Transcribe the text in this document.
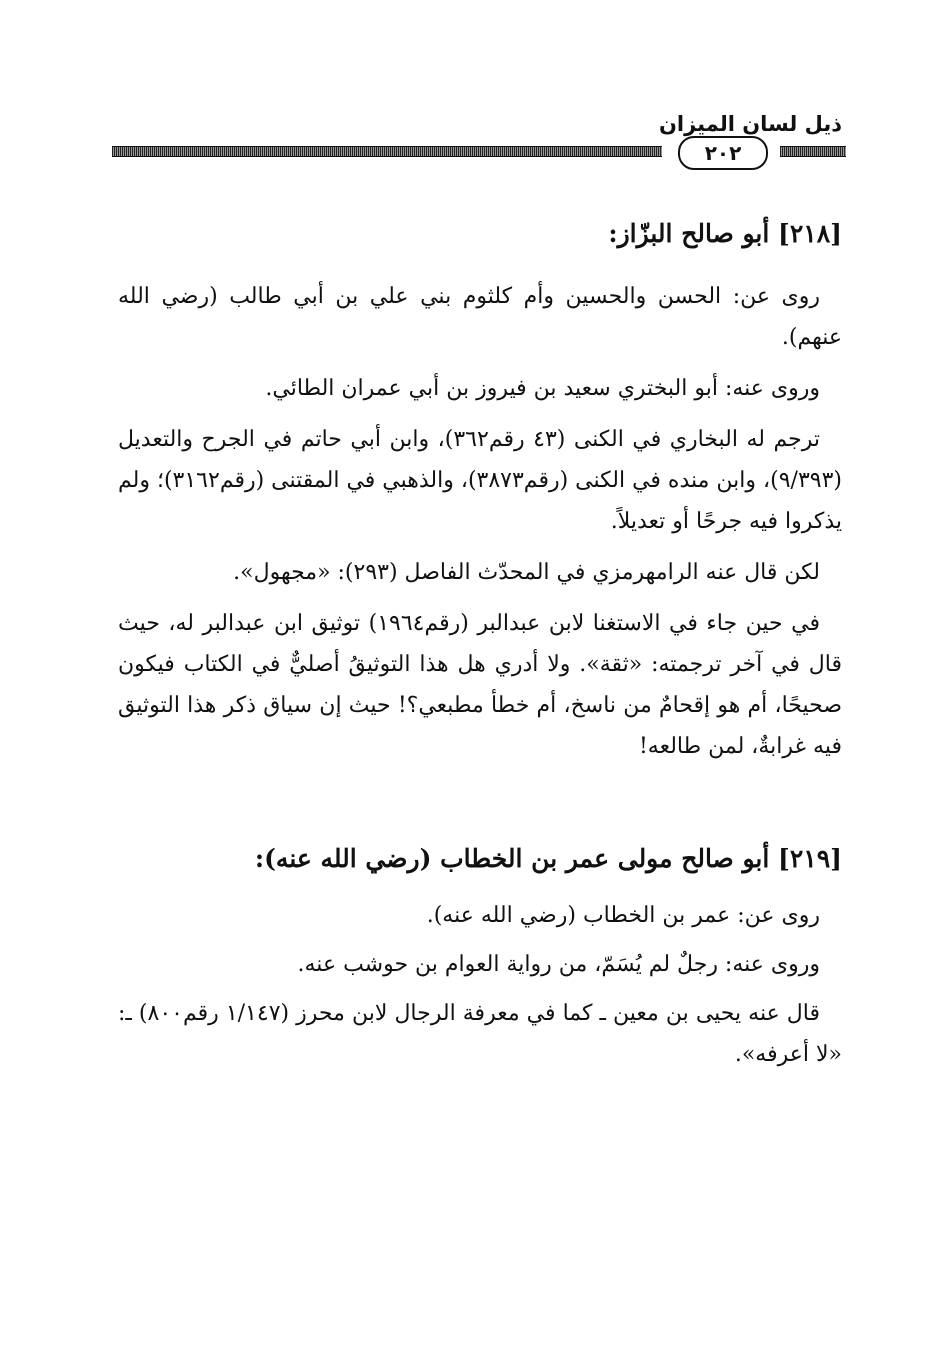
ذيل لسان الميزان
٢٠٢
[٢١٨] أبو صالح البزّاز:

روى عن: الحسن والحسين وأم كلثوم بني علي بن أبي طالب (رضي الله عنهم).

وروى عنه: أبو البختري سعيد بن فيروز بن أبي عمران الطائي.

ترجم له البخاري في الكنى (٤٣ رقم٣٦٢)، وابن أبي حاتم في الجرح والتعديل (٩/٣٩٣)، وابن منده في الكنى (رقم٣٨٧٣)، والذهبي في المقتنى (رقم٣١٦٢)؛ ولم يذكروا فيه جرحًا أو تعديلاً.

لكن قال عنه الرامهرمزي في المحدّث الفاصل (٢٩٣): «مجهول».

في حين جاء في الاستغنا لابن عبدالبر (رقم١٩٦٤) توثيق ابن عبدالبر له، حيث قال في آخر ترجمته: «ثقة». ولا أدري هل هذا التوثيقُ أصليٌّ في الكتاب فيكون صحيحًا، أم هو إقحامٌ من ناسخ، أم خطأ مطبعي؟! حيث إن سياق ذكر هذا التوثيق فيه غرابةٌ، لمن طالعه!

[٢١٩] أبو صالح مولى عمر بن الخطاب (رضي الله عنه):

روى عن: عمر بن الخطاب (رضي الله عنه).

وروى عنه: رجلٌ لم يُسَمّ، من رواية العوام بن حوشب عنه.

قال عنه يحيى بن معين ـ كما في معرفة الرجال لابن محرز (١/١٤٧ رقم٨٠٠) ـ: «لا أعرفه».
